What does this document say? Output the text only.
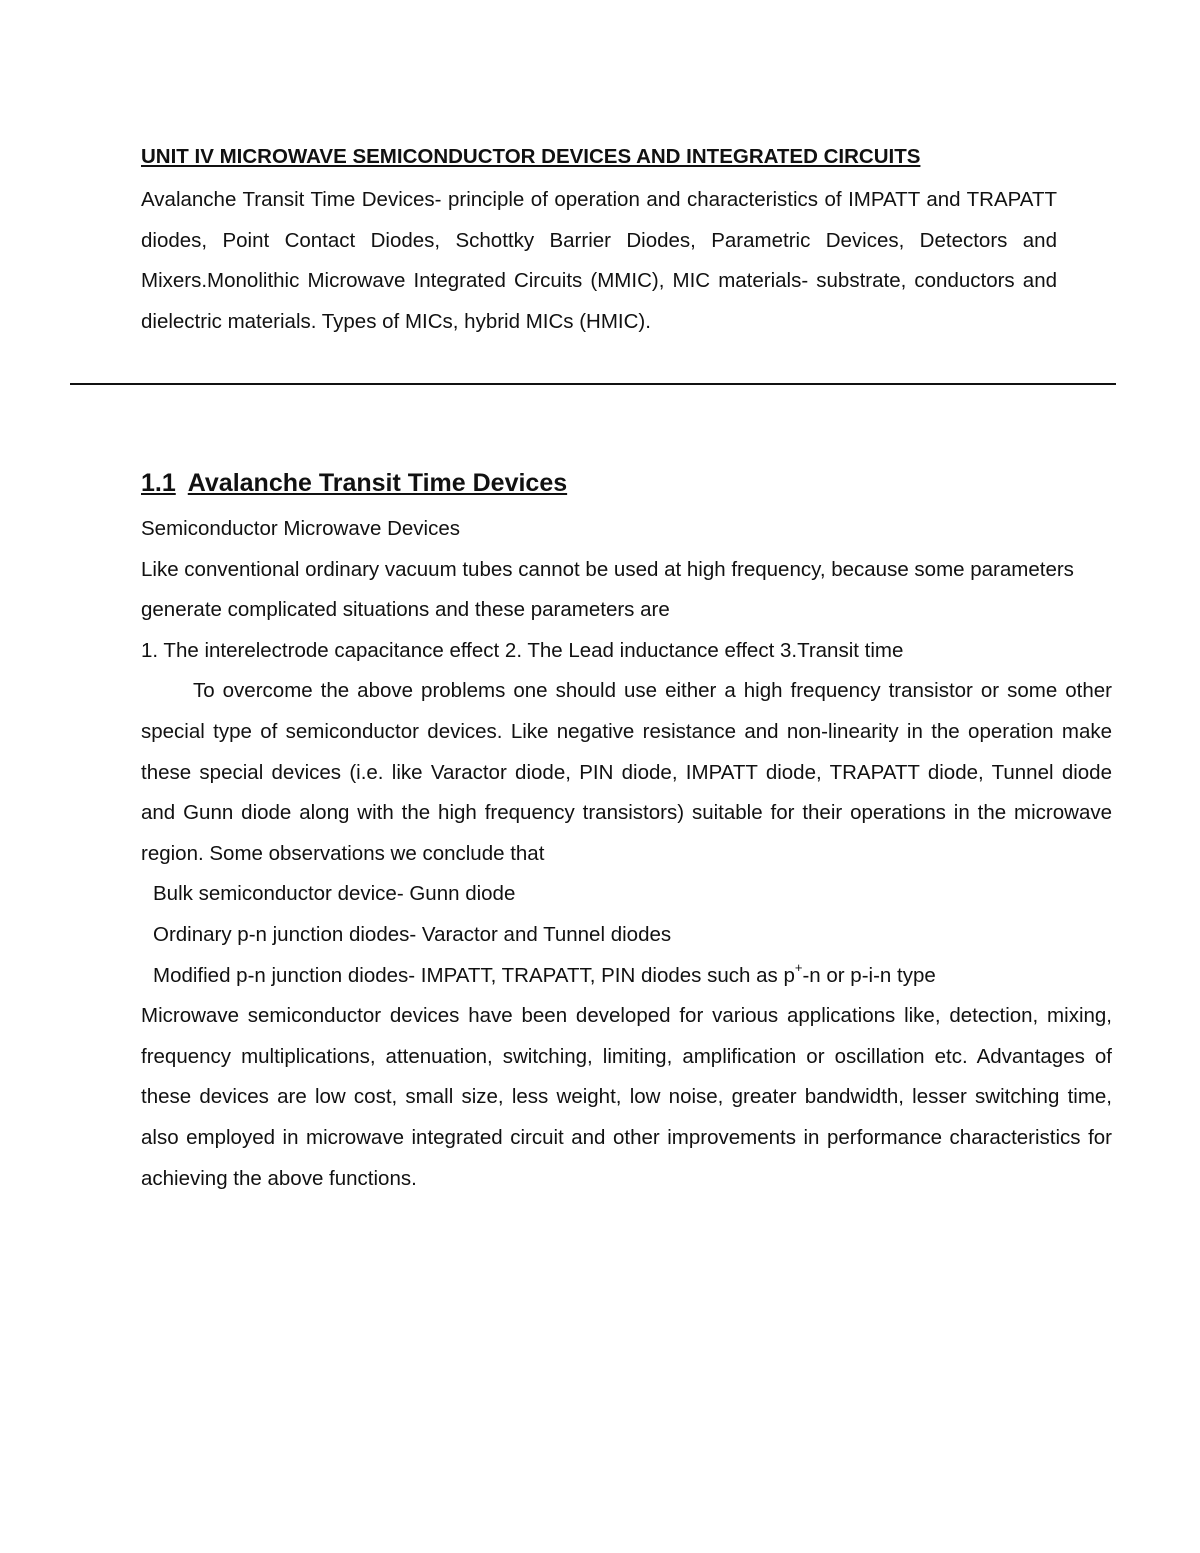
UNIT IV MICROWAVE SEMICONDUCTOR DEVICES AND INTEGRATED CIRCUITS

Avalanche Transit Time Devices- principle of operation and characteristics of IMPATT and TRAPATT diodes, Point Contact Diodes, Schottky Barrier Diodes, Parametric Devices, Detectors and Mixers.Monolithic Microwave Integrated Circuits (MMIC), MIC materials- substrate, conductors and dielectric materials. Types of MICs, hybrid MICs (HMIC).

1.1 Avalanche Transit Time Devices

Semiconductor Microwave Devices

Like conventional ordinary vacuum tubes cannot be used at high frequency, because some parameters generate complicated situations and these parameters are

1. The interelectrode capacitance effect 2. The Lead inductance effect 3.Transit time

To overcome the above problems one should use either a high frequency transistor or some other special type of semiconductor devices. Like negative resistance and non-linearity in the operation make these special devices (i.e. like Varactor diode, PIN diode, IMPATT diode, TRAPATT diode, Tunnel diode and Gunn diode along with the high frequency transistors) suitable for their operations in the microwave region. Some observations we conclude that

Bulk semiconductor device- Gunn diode

Ordinary p-n junction diodes- Varactor and Tunnel diodes

Modified p-n junction diodes- IMPATT, TRAPATT, PIN diodes such as p+-n or p-i-n type

Microwave semiconductor devices have been developed for various applications like, detection, mixing, frequency multiplications, attenuation, switching, limiting, amplification or oscillation etc. Advantages of these devices are low cost, small size, less weight, low noise, greater bandwidth, lesser switching time, also employed in microwave integrated circuit and other improvements in performance characteristics for achieving the above functions.
